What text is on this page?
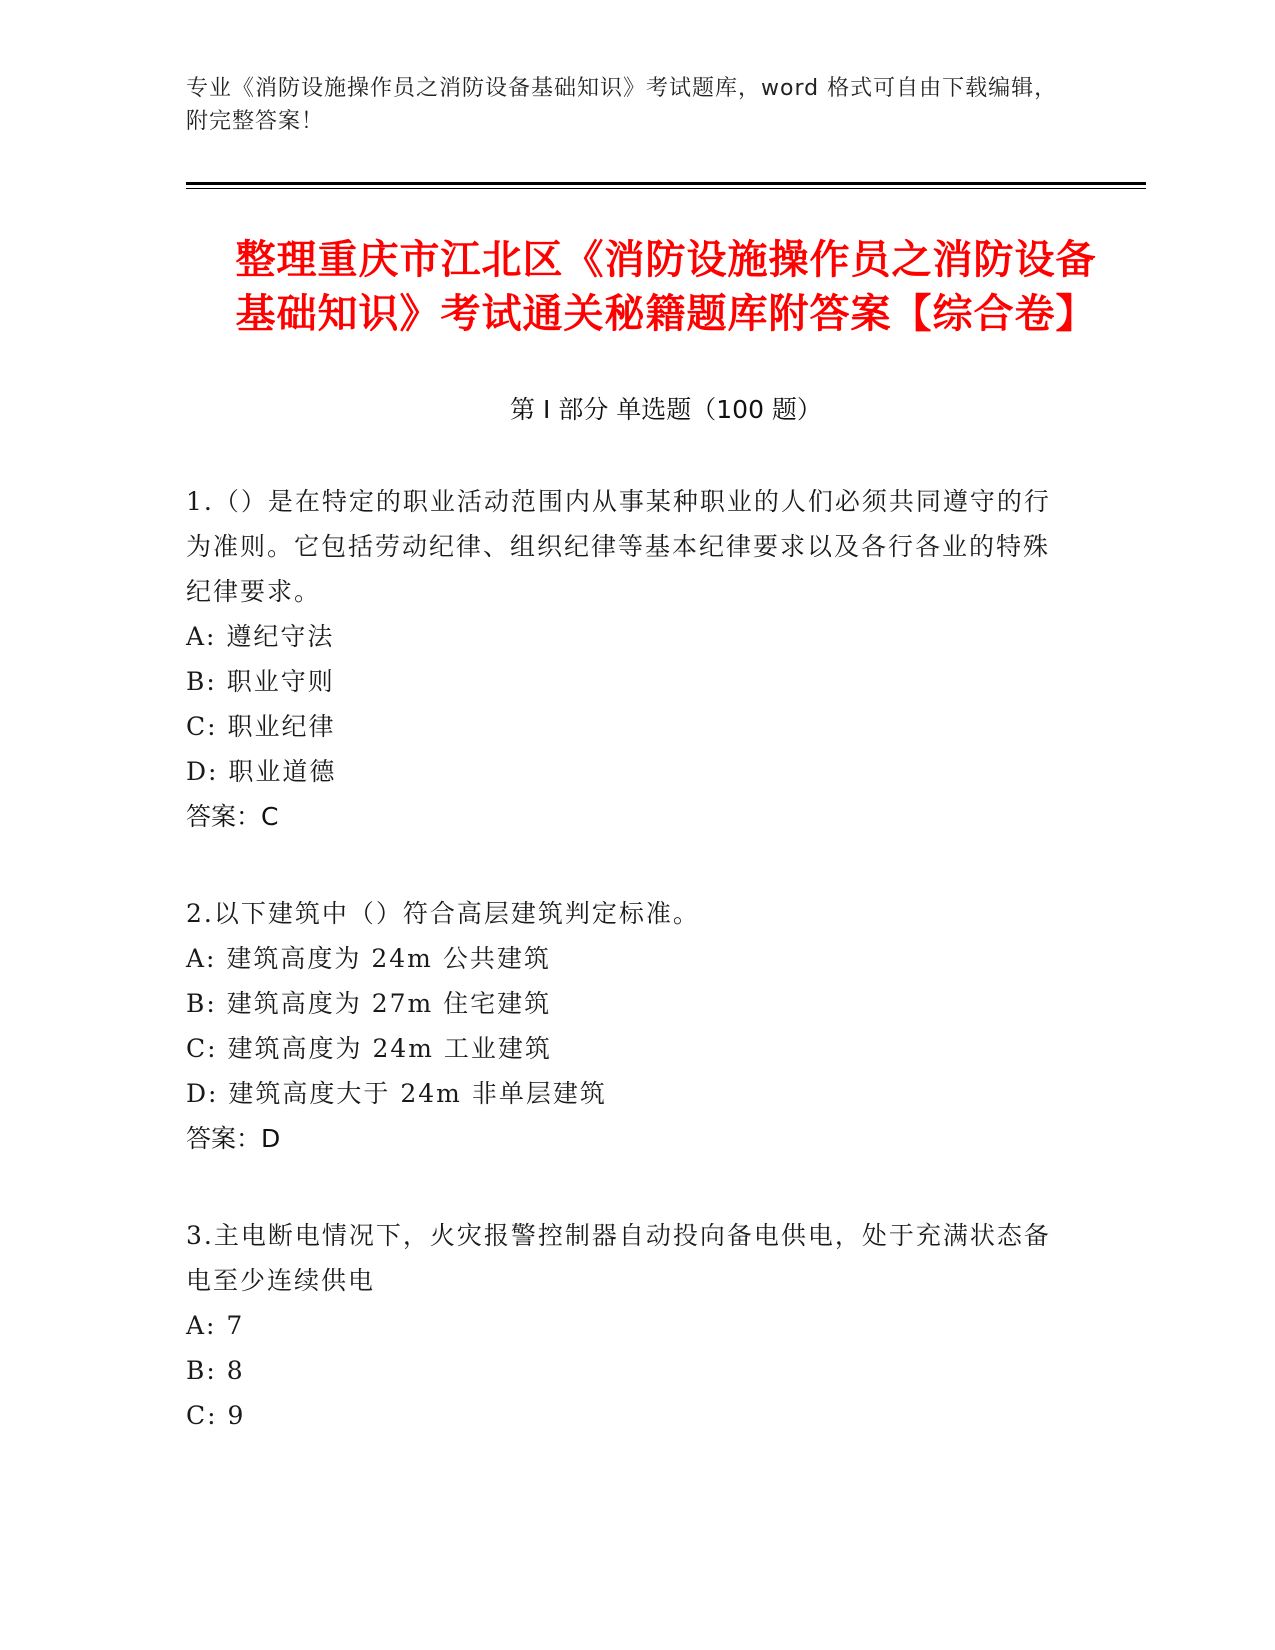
专业《消防设施操作员之消防设备基础知识》考试题库，word 格式可自由下载编辑，附完整答案！
整理重庆市江北区《消防设施操作员之消防设备基础知识》考试通关秘籍题库附答案【综合卷】
第 I 部分 单选题（100 题）
1.（）是在特定的职业活动范围内从事某种职业的人们必须共同遵守的行为准则。它包括劳动纪律、组织纪律等基本纪律要求以及各行各业的特殊纪律要求。
A: 遵纪守法
B: 职业守则
C: 职业纪律
D: 职业道德
答案：C
2.以下建筑中（）符合高层建筑判定标准。
A: 建筑高度为 24m 公共建筑
B: 建筑高度为 27m 住宅建筑
C: 建筑高度为 24m 工业建筑
D: 建筑高度大于 24m 非单层建筑
答案：D
3.主电断电情况下，火灾报警控制器自动投向备电供电，处于充满状态备电至少连续供电
A: 7
B: 8
C: 9
